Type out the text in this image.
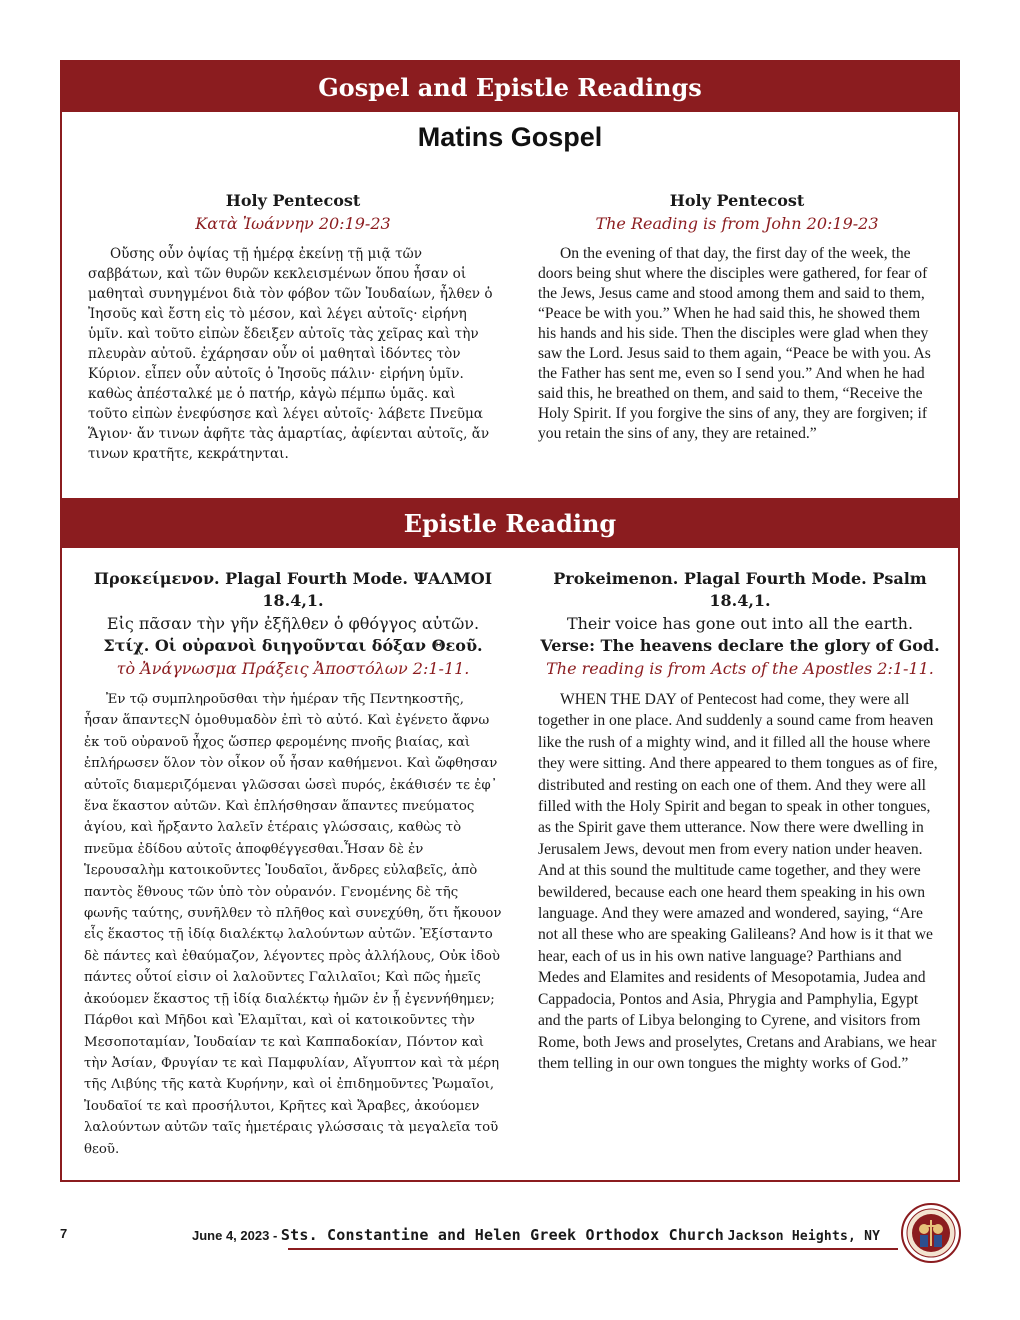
Gospel and Epistle Readings
Matins Gospel
Holy Pentecost
Κατὰ Ἰωάννην 20:19-23

Οὔσης οὖν ὀψίας τῇ ἡμέρᾳ ἐκείνῃ τῇ μιᾷ τῶν σαββάτων, καὶ τῶν θυρῶν κεκλεισμένων ὅπου ἦσαν οἱ μαθηταὶ συνηγμένοι διὰ τὸν φόβον τῶν Ἰουδαίων, ἦλθεν ὁ Ἰησοῦς καὶ ἔστη εἰς τὸ μέσον, καὶ λέγει αὐτοῖς· εἰρήνη ὑμῖν. καὶ τοῦτο εἰπὼν ἔδειξεν αὐτοῖς τὰς χεῖρας καὶ τὴν πλευρὰν αὐτοῦ. ἐχάρησαν οὖν οἱ μαθηταὶ ἰδόντες τὸν Κύριον. εἶπεν οὖν αὐτοῖς ὁ Ἰησοῦς πάλιν· εἰρήνη ὑμῖν. καθὼς ἀπέσταλκέ με ὁ πατήρ, κἀγὼ πέμπω ὑμᾶς. καὶ τοῦτο εἰπὼν ἐνεφύσησε καὶ λέγει αὐτοῖς· λάβετε Πνεῦμα Ἅγιον· ἄν τινων ἀφῆτε τὰς ἁμαρτίας, ἀφίενται αὐτοῖς, ἄν τινων κρατῆτε, κεκράτηνται.

Holy Pentecost
The Reading is from John 20:19-23

On the evening of that day, the first day of the week, the doors being shut where the disciples were gathered, for fear of the Jews, Jesus came and stood among them and said to them, “Peace be with you.” When he had said this, he showed them his hands and his side. Then the disciples were glad when they saw the Lord. Jesus said to them again, “Peace be with you. As the Father has sent me, even so I send you.” And when he had said this, he breathed on them, and said to them, “Receive the Holy Spirit. If you forgive the sins of any, they are forgiven; if you retain the sins of any, they are retained.”

Epistle Reading
Προκείμενον. Plagal Fourth Mode. ΨΑΛΜΟΙ 18.4,1.
Εἰς πᾶσαν τὴν γῆν ἐξῆλθεν ὁ φθόγγος αὐτῶν.
Στίχ. Οἱ οὐρανοὶ διηγοῦνται δόξαν Θεοῦ.
τὸ Ἀνάγνωσμα Πράξεις Ἀποστόλων 2:1-11.

Ἐν τῷ συμπληροῦσθαι τὴν ἡμέραν τῆς Πεντηκοστῆς, ἦσαν ἅπαντεςΝ ὁμοθυμαδὸν ἐπὶ τὸ αὐτό. Καὶ ἐγένετο ἄφνω ἐκ τοῦ οὐρανοῦ ἦχος ὥσπερ φερομένης πνοῆς βιαίας, καὶ ἐπλήρωσεν ὅλον τὸν οἶκον οὗ ἦσαν καθήμενοι. Καὶ ὤφθησαν αὐτοῖς διαμεριζόμεναι γλῶσσαι ὡσεὶ πυρός, ἐκάθισέν τε ἐφ᾽ ἕνα ἕκαστον αὐτῶν. Καὶ ἐπλήσθησαν ἅπαντες πνεύματος ἁγίου, καὶ ἤρξαντο λαλεῖν ἑτέραις γλώσσαις, καθὼς τὸ πνεῦμα ἐδίδου αὐτοῖς ἀποφθέγγεσθαι.Ἦσαν δὲ ἐν Ἱερουσαλὴμ κατοικοῦντες Ἰουδαῖοι, ἄνδρες εὐλαβεῖς, ἀπὸ παντὸς ἔθνους τῶν ὑπὸ τὸν οὐρανόν. Γενομένης δὲ τῆς φωνῆς ταύτης, συνῆλθεν τὸ πλῆθος καὶ συνεχύθη, ὅτι ἤκουον εἷς ἕκαστος τῇ ἰδίᾳ διαλέκτῳ λαλούντων αὐτῶν. Ἐξίσταντο δὲ πάντες καὶ ἐθαύμαζον, λέγοντες πρὸς ἀλλήλους, Οὐκ ἰδοὺ πάντες οὗτοί εἰσιν οἱ λαλοῦντες Γαλιλαῖοι; Καὶ πῶς ἡμεῖς ἀκούομεν ἕκαστος τῇ ἰδίᾳ διαλέκτῳ ἡμῶν ἐν ᾗ ἐγεννήθημεν; Πάρθοι καὶ Μῆδοι καὶ Ἐλαμῖται, καὶ οἱ κατοικοῦντες τὴν Μεσοποταμίαν, Ἰουδαίαν τε καὶ Καππαδοκίαν, Πόντον καὶ τὴν Ἀσίαν, Φρυγίαν τε καὶ Παμφυλίαν, Αἴγυπτον καὶ τὰ μέρη τῆς Λιβύης τῆς κατὰ Κυρήνην, καὶ οἱ ἐπιδημοῦντες Ῥωμαῖοι, Ἰουδαῖοί τε καὶ προσήλυτοι, Κρῆτες καὶ Ἄραβες, ἀκούομεν λαλούντων αὐτῶν ταῖς ἡμετέραις γλώσσαις τὰ μεγαλεῖα τοῦ θεοῦ.

Prokeimenon. Plagal Fourth Mode. Psalm 18.4,1.
Their voice has gone out into all the earth.
Verse: The heavens declare the glory of God.
The reading is from Acts of the Apostles 2:1-11.

WHEN THE DAY of Pentecost had come, they were all together in one place. And suddenly a sound came from heaven like the rush of a mighty wind, and it filled all the house where they were sitting. And there appeared to them tongues as of fire, distributed and resting on each one of them. And they were all filled with the Holy Spirit and began to speak in other tongues, as the Spirit gave them utterance. Now there were dwelling in Jerusalem Jews, devout men from every nation under heaven. And at this sound the multitude came together, and they were bewildered, because each one heard them speaking in his own language. And they were amazed and wondered, saying, “Are not all these who are speaking Galileans? And how is it that we hear, each of us in his own native language? Parthians and Medes and Elamites and residents of Mesopotamia, Judea and Cappadocia, Pontos and Asia, Phrygia and Pamphylia, Egypt and the parts of Libya belonging to Cyrene, and visitors from Rome, both Jews and proselytes, Cretans and Arabians, we hear them telling in our own tongues the mighty works of God.”

7	June 4, 2023 - Sts. Constantine and Helen Greek Orthodox Church Jackson Heights, NY
